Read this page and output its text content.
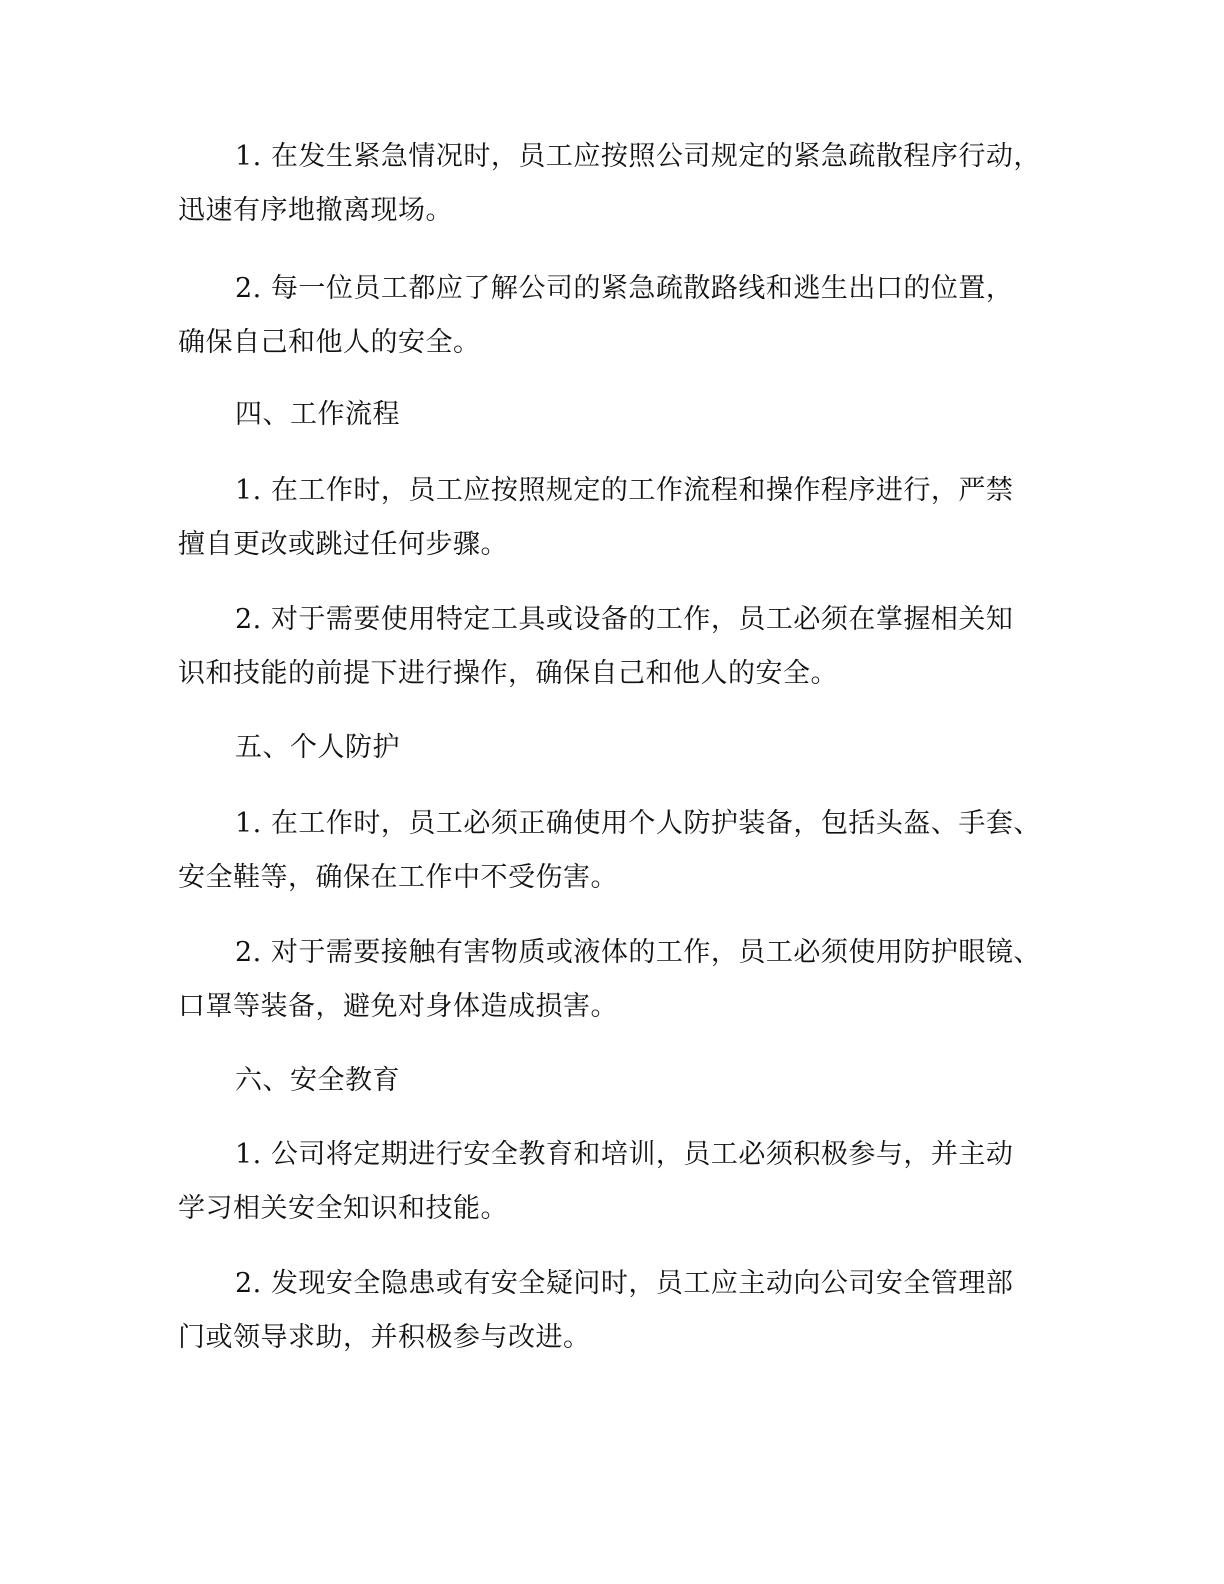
1. 在发生紧急情况时，员工应按照公司规定的紧急疏散程序行动，
迅速有序地撤离现场。
2. 每一位员工都应了解公司的紧急疏散路线和逃生出口的位置，
确保自己和他人的安全。
四、工作流程
1. 在工作时，员工应按照规定的工作流程和操作程序进行，严禁
擅自更改或跳过任何步骤。
2. 对于需要使用特定工具或设备的工作，员工必须在掌握相关知
识和技能的前提下进行操作，确保自己和他人的安全。
五、个人防护
1. 在工作时，员工必须正确使用个人防护装备，包括头盔、手套、
安全鞋等，确保在工作中不受伤害。
2. 对于需要接触有害物质或液体的工作，员工必须使用防护眼镜、
口罩等装备，避免对身体造成损害。
六、安全教育
1. 公司将定期进行安全教育和培训，员工必须积极参与，并主动
学习相关安全知识和技能。
2. 发现安全隐患或有安全疑问时，员工应主动向公司安全管理部
门或领导求助，并积极参与改进。
